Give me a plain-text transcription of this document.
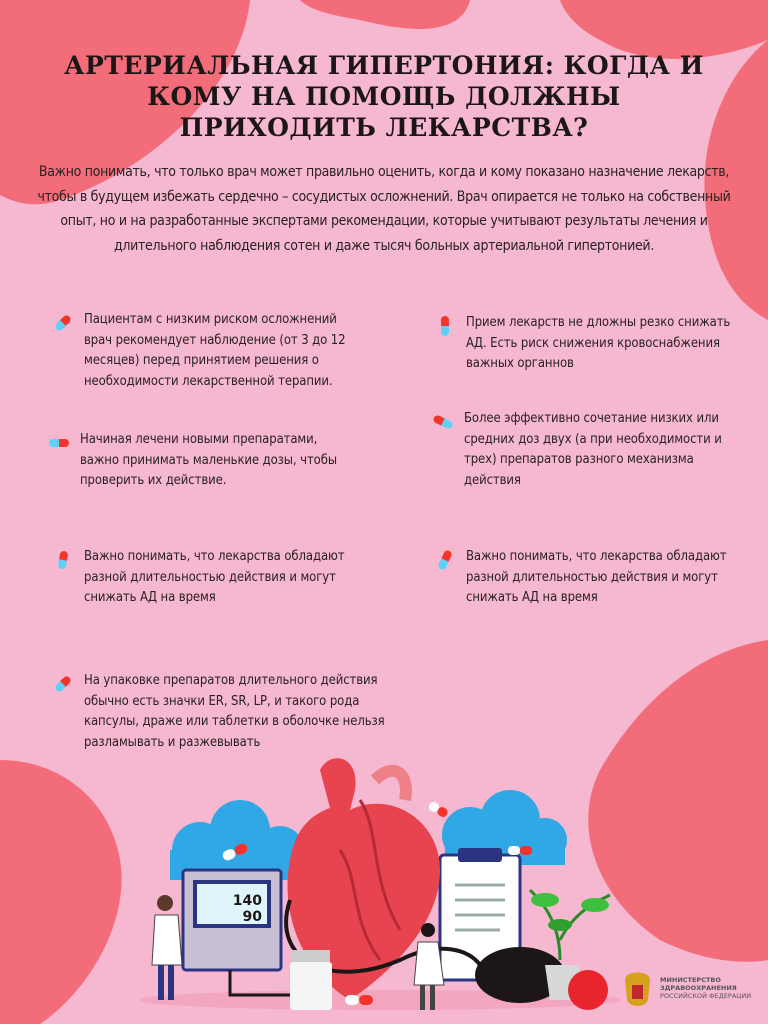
АРТЕРИАЛЬНАЯ ГИПЕРТОНИЯ: КОГДА И КОМУ НА ПОМОЩЬ ДОЛЖНЫ ПРИХОДИТЬ ЛЕКАРСТВА?

Важно понимать, что только врач может правильно оценить, когда и кому показано назначение лекарств, чтобы в будущем избежать сердечно – сосудистых осложнений. Врач опирается не только на собственный опыт, но и на разработанные экспертами рекомендации, которые учитывают результаты лечения и длительного наблюдения сотен и даже тысяч больных артериальной гипертонией.

Пациентам с низким риском осложнений врач рекомендует наблюдение (от 3 до 12 месяцев) перед принятием решения о необходимости лекарственной терапии.

Начиная лечени новыми препаратами, важно принимать маленькие дозы, чтобы проверить их действие.

Важно понимать, что лекарства обладают разной длительностью действия и могут снижать АД на время

На упаковке препаратов длительного действия обычно есть значки ER, SR, LP, и такого рода капсулы, драже или таблетки в оболочке нельзя разламывать и разжевывать

Прием лекарств не дложны резко снижать АД. Есть риск снижения кровоснабжения важных органнов

Более эффективно сочетание низких или средних доз двух (а при необходимости и трех) препаратов разного механизма действия

Важно понимать, что лекарства обладают разной длительностью действия и могут снижать АД на время

140
90
МИНИСТЕРСТВО
ЗДРАВООХРАНЕНИЯ
РОССИЙСКОЙ ФЕДЕРАЦИИ
